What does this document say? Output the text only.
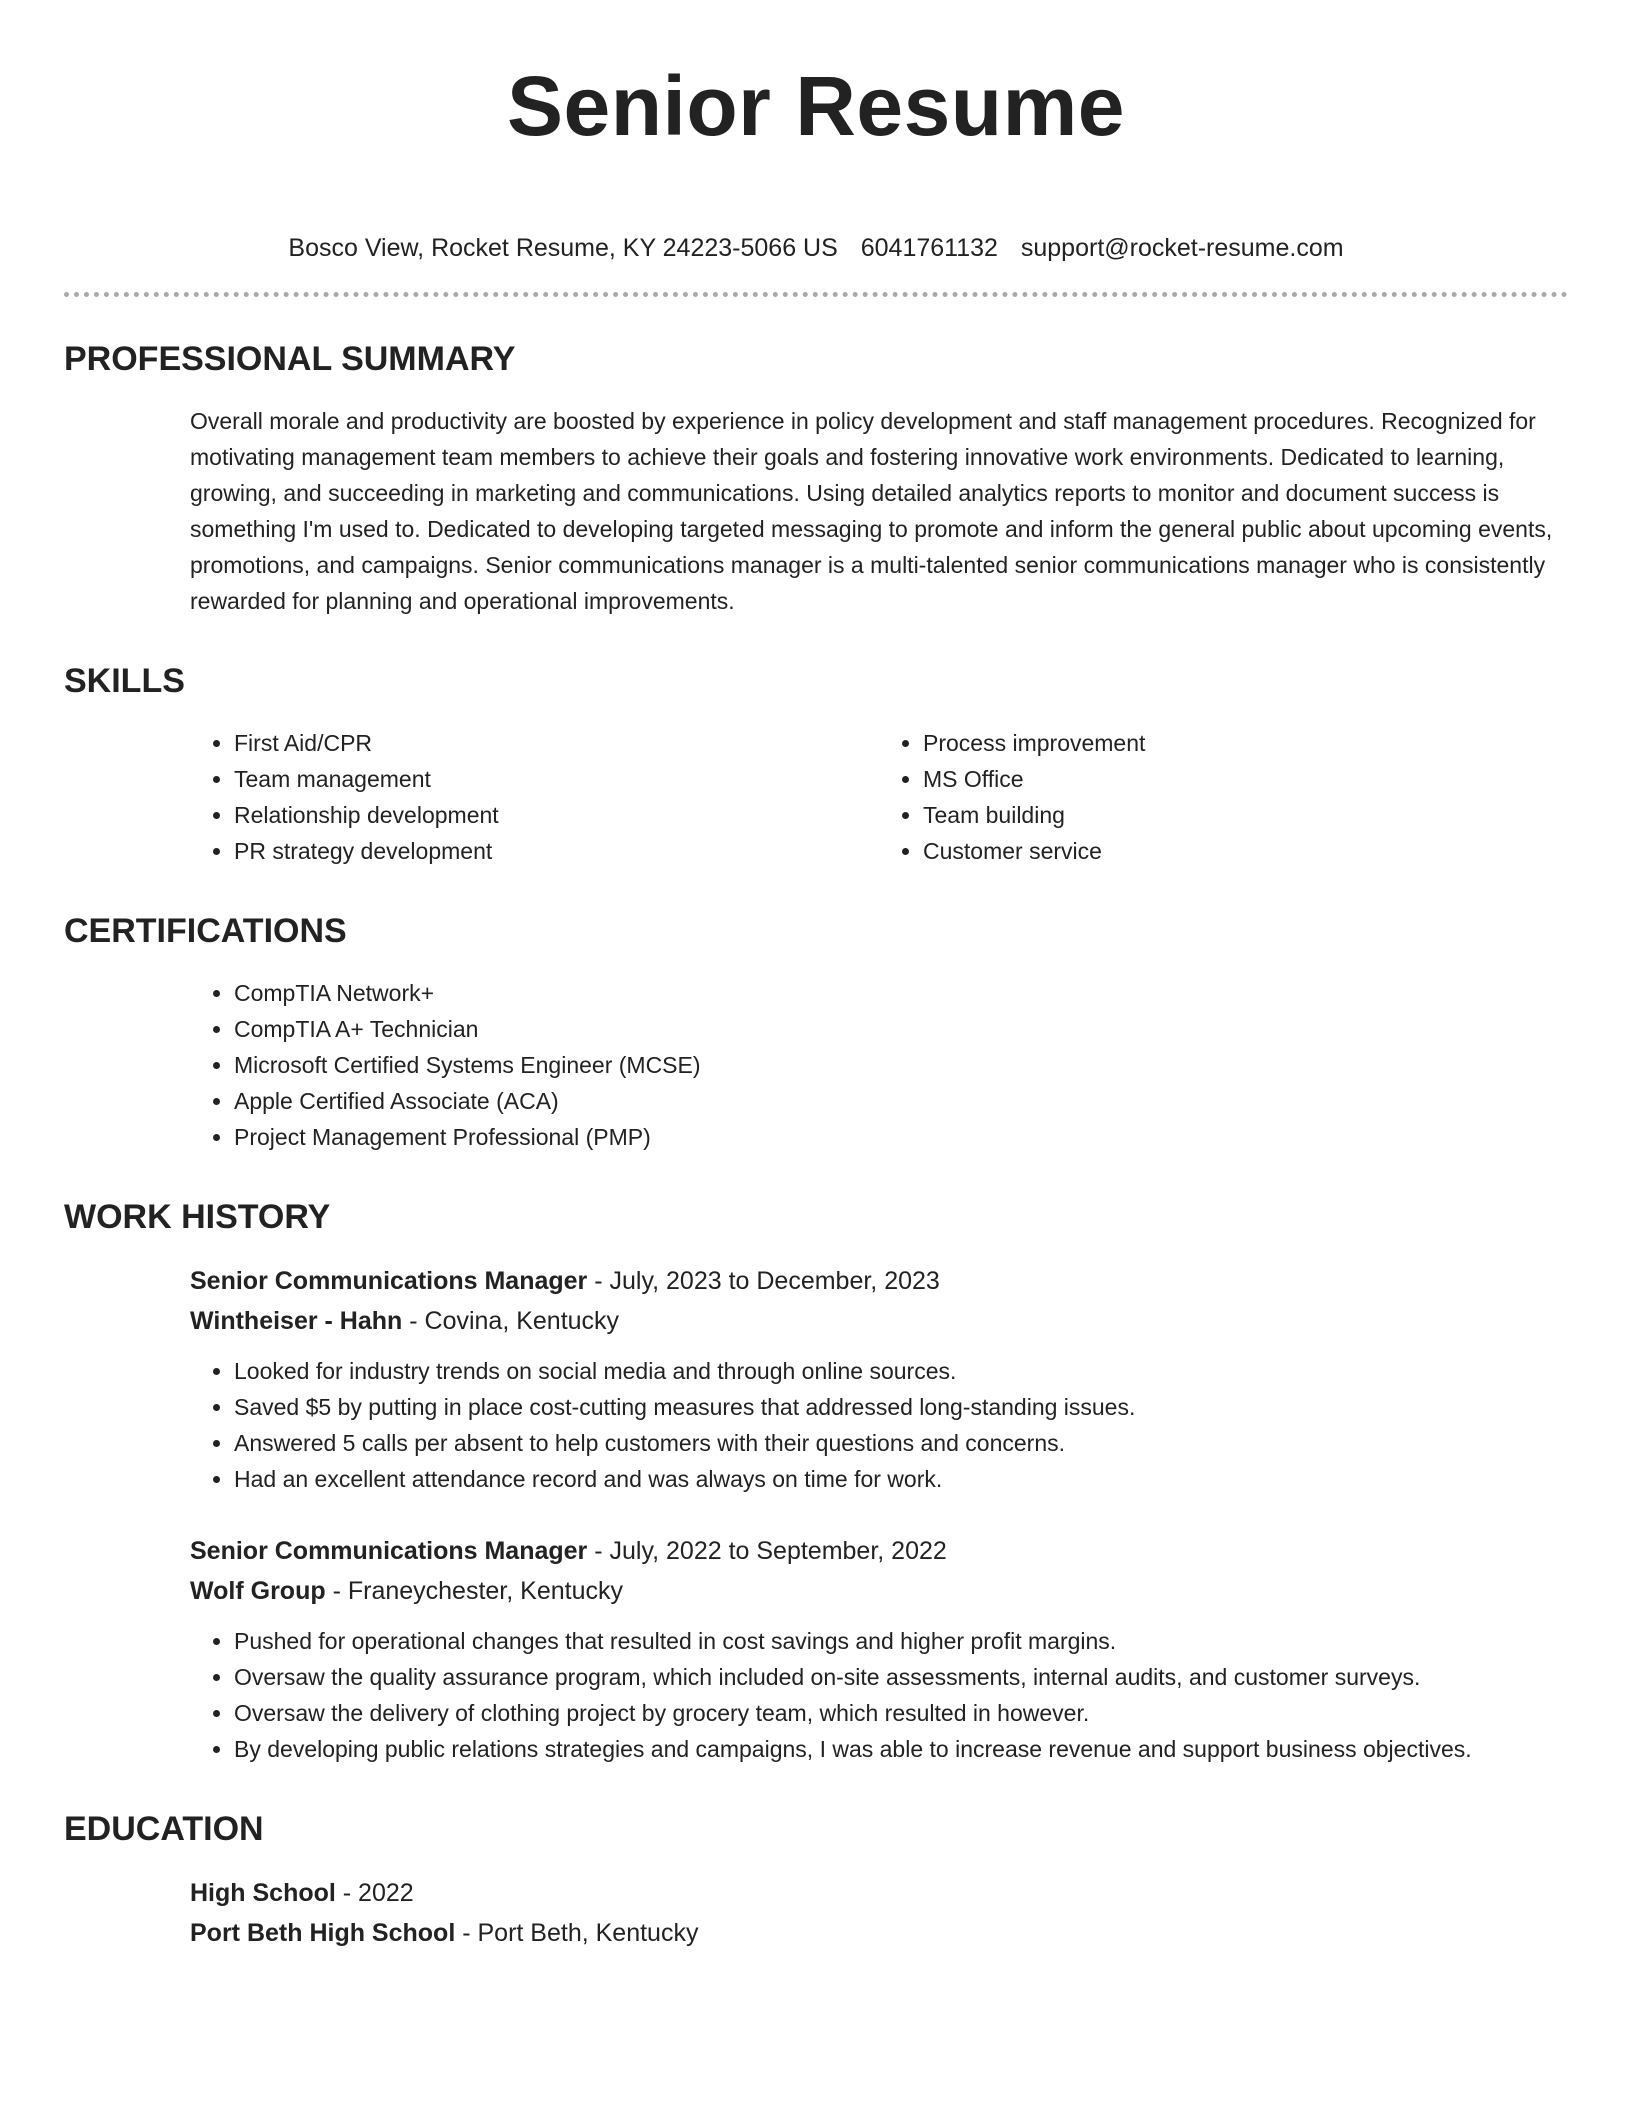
Senior Resume
Bosco View, Rocket Resume, KY 24223-5066 US 6041761132 support@rocket-resume.com
PROFESSIONAL SUMMARY

Overall morale and productivity are boosted by experience in policy development and staff management procedures. Recognized for motivating management team members to achieve their goals and fostering innovative work environments. Dedicated to learning, growing, and succeeding in marketing and communications. Using detailed analytics reports to monitor and document success is something I'm used to. Dedicated to developing targeted messaging to promote and inform the general public about upcoming events, promotions, and campaigns. Senior communications manager is a multi-talented senior communications manager who is consistently rewarded for planning and operational improvements.

SKILLS
• First Aid/CPR
• Team management
• Relationship development
• PR strategy development
• Process improvement
• MS Office
• Team building
• Customer service
CERTIFICATIONS
• CompTIA Network+
• CompTIA A+ Technician
• Microsoft Certified Systems Engineer (MCSE)
• Apple Certified Associate (ACA)
• Project Management Professional (PMP)
WORK HISTORY
Senior Communications Manager - July, 2023 to December, 2023
Wintheiser - Hahn - Covina, Kentucky
• Looked for industry trends on social media and through online sources.
• Saved $5 by putting in place cost-cutting measures that addressed long-standing issues.
• Answered 5 calls per absent to help customers with their questions and concerns.
• Had an excellent attendance record and was always on time for work.
Senior Communications Manager - July, 2022 to September, 2022
Wolf Group - Franeychester, Kentucky
• Pushed for operational changes that resulted in cost savings and higher profit margins.
• Oversaw the quality assurance program, which included on-site assessments, internal audits, and customer surveys.
• Oversaw the delivery of clothing project by grocery team, which resulted in however.
• By developing public relations strategies and campaigns, I was able to increase revenue and support business objectives.
EDUCATION
High School - 2022
Port Beth High School - Port Beth, Kentucky
